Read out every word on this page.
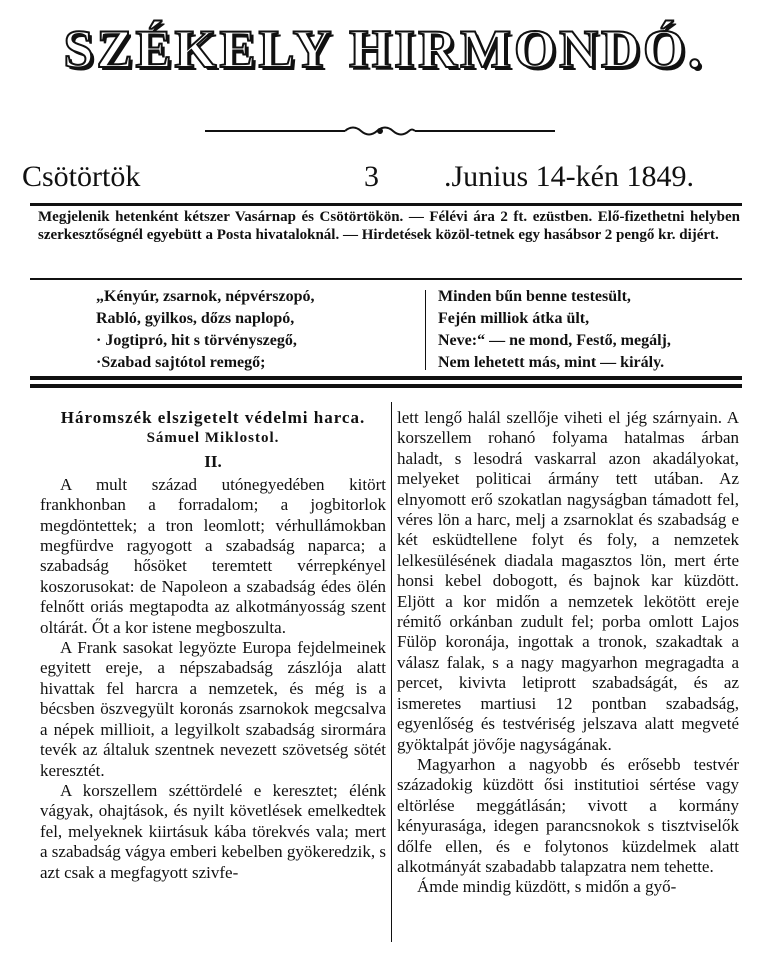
SZÉKELY HIRMONDÓ.
Csötörtök	3 .Junius 14-kén 1849.
Megjelenik hetenként kétszer Vasárnap és Csötörtökön. — Félévi ára 2 ft. ezüstben. Elő-fizethetni helyben szerkesztőségnél egyebütt a Posta hivataloknál. — Hirdetések közöl-tetnek egy hasábsor 2 pengő kr. dijért.
„Kényúr, zsarnok, népvérszopó,
Rabló, gyilkos, dőzs naplopó,
· Jogtipró, hit s törvényszegő,
·Szabad sajtótol remegő;
Minden bűn benne testesült,
Fején milliok átka ült,
Neve:“ — ne mond, Festő, megálj,
Nem lehetett más, mint — király.

Háromszék elszigetelt védelmi harca.

Sámuel Miklostol.

II.

A mult század utónegyedében kitört frankhonban a forradalom; a jogbitorlok megdöntettek; a tron leomlott; vérhullámokban megfürdve ragyogott a szabadság naparca; a szabadság hősöket teremtett vérrepkényel koszorusokat: de Napoleon a szabadság édes ölén felnőtt oriás megtapodta az alkotmányosság szent oltárát. Őt a kor istene megboszulta.

A Frank sasokat legyözte Europa fejdelmeinek egyitett ereje, a népszabadság zászlója alatt hivattak fel harcra a nemzetek, és még is a bécsben öszvegyült koronás zsarnokok megcsalva a népek millioit, a legyilkolt szabadság sirormára tevék az általuk szentnek nevezett szövetség sötét keresztét.

A korszellem széttördelé e keresztet; élénk vágyak, ohajtások, és nyilt követlések emelkedtek fel, melyeknek kiirtásuk kába törekvés vala; mert a szabadság vágya emberi kebelben gyökeredzik, s azt csak a megfagyott szivfe-

lett lengő halál szellője viheti el jég szárnyain. A korszellem rohanó folyama hatalmas árban haladt, s lesodrá vaskarral azon akadályokat, melyeket politicai ármány tett utában. Az elnyomott erő szokatlan nagyságban támadott fel, véres lön a harc, melj a zsarnoklat és szabadság e két esküdtellene folyt és foly, a nemzetek lelkesülésének diadala magasztos lön, mert érte honsi kebel dobogott, és bajnok kar küzdött. Eljött a kor midőn a nemzetek lekötött ereje rémitő orkánban zudult fel; porba omlott Lajos Fülöp koronája, ingottak a tronok, szakadtak a válasz falak, s a nagy magyarhon megragadta a percet, kivivta letiprott szabadságát, és az ismeretes martiusi 12 pontban szabadság, egyenlőség és testvériség jelszava alatt megveté gyöktalpát jövője nagyságának.

Magyarhon a nagyobb és erősebb testvér századokig küzdött ősi institutioi sértése vagy eltörlése meggátlásán; vivott a kormány kényurasága, idegen parancsnokok s tisztviselők dőlfe ellen, és e folytonos küzdelmek alatt alkotmányát szabadabb talapzatra nem tehette.

Ámde mindig küzdött, s midőn a győ-
